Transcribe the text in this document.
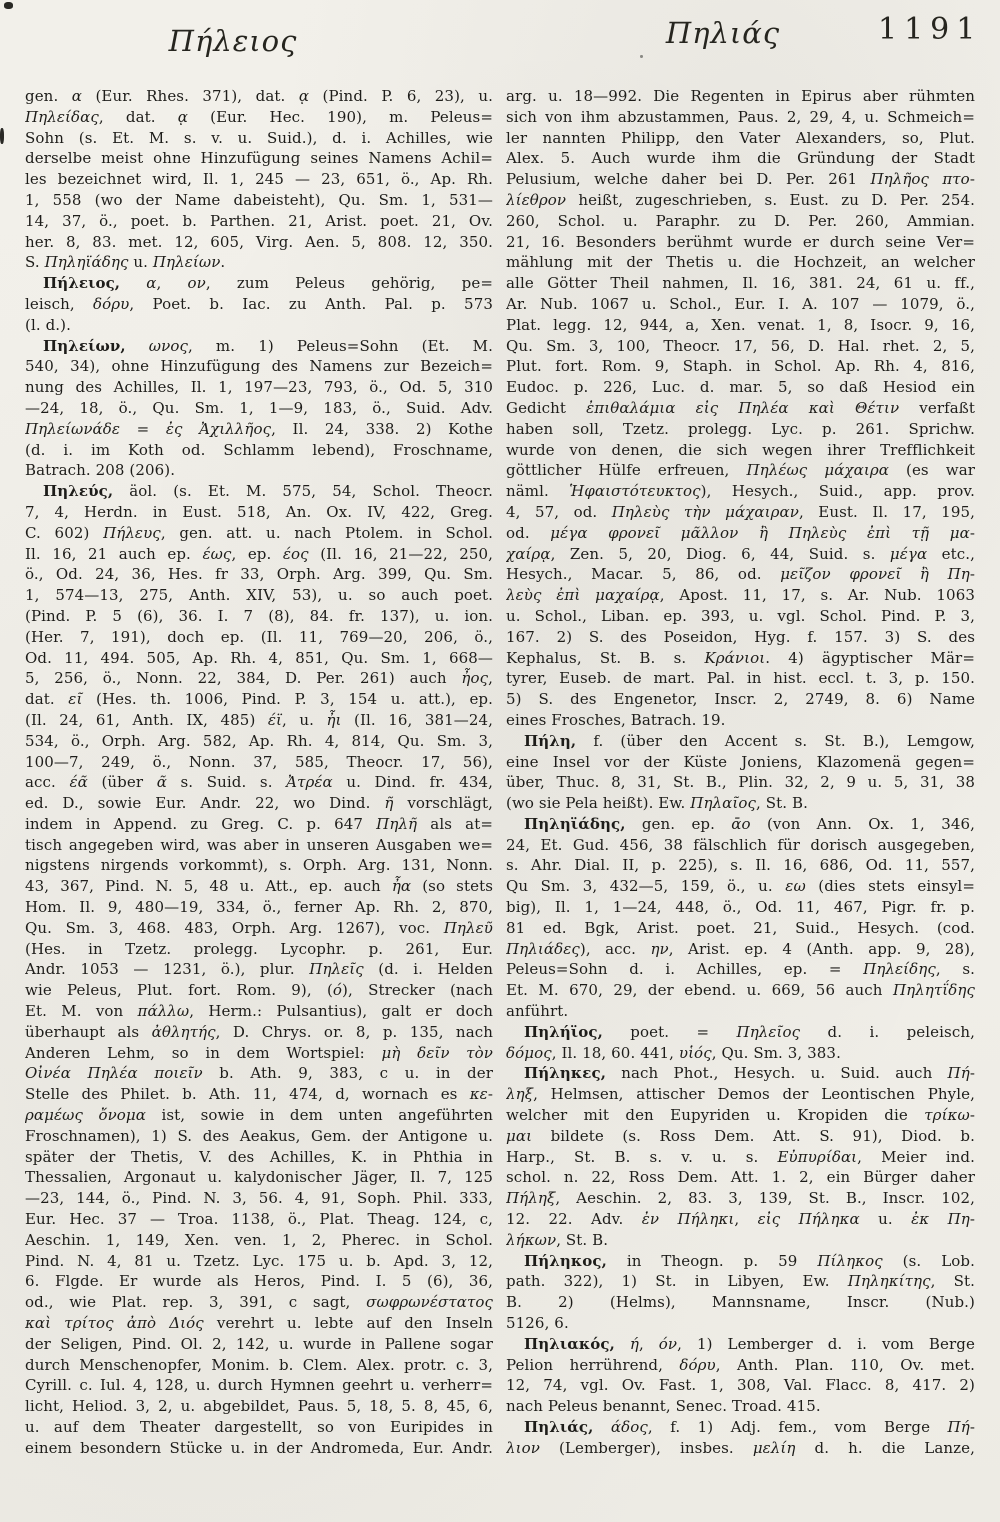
Πήλειος	Πηλιάς	1191
gen. α (Eur. Rhes. 371), dat. ᾳ (Pind. P. 6, 23), u.
Πηλείδας, dat. ᾳ (Eur. Hec. 190), m. Peleus=
Sohn (s. Et. M. s. v. u. Suid.), d. i. Achilles, wie
derselbe meist ohne Hinzufügung seines Namens Achil=
les bezeichnet wird, Il. 1, 245 — 23, 651, ö., Ap. Rh.
1, 558 (wo der Name dabeisteht), Qu. Sm. 1, 531—
14, 37, ö., poet. b. Parthen. 21, Arist. poet. 21, Ov.
her. 8, 83. met. 12, 605, Virg. Aen. 5, 808. 12, 350.
S. Πηληϊάδης u. Πηλείων.
Πήλειος, α, ον, zum Peleus gehörig, pe=
leisch, δόρυ, Poet. b. Iac. zu Anth. Pal. p. 573
(l. d.).
Πηλείων, ωνος, m. 1) Peleus=Sohn (Et. M.
540, 34), ohne Hinzufügung des Namens zur Bezeich=
nung des Achilles, Il. 1, 197—23, 793, ö., Od. 5, 310
—24, 18, ö., Qu. Sm. 1, 1—9, 183, ö., Suid. Adv.
Πηλείωνάδε = ἐς Ἀχιλλῆος, Il. 24, 338. 2) Kothe
(d. i. im Koth od. Schlamm lebend), Froschname,
Batrach. 208 (206).
Πηλεύς, äol. (s. Et. M. 575, 54, Schol. Theocr.
7, 4, Herdn. in Eust. 518, An. Ox. IV, 422, Greg.
C. 602) Πήλευς, gen. att. u. nach Ptolem. in Schol.
Il. 16, 21 auch ep. έως, ep. έος (Il. 16, 21—22, 250,
ö., Od. 24, 36, Hes. fr 33, Orph. Arg. 399, Qu. Sm.
1, 574—13, 275, Anth. XIV, 53), u. so auch poet.
(Pind. P. 5 (6), 36. I. 7 (8), 84. fr. 137), u. ion.
(Her. 7, 191), doch ep. (Il. 11, 769—20, 206, ö.,
Od. 11, 494. 505, Ap. Rh. 4, 851, Qu. Sm. 1, 668—
5, 256, ö., Nonn. 22, 384, D. Per. 261) auch ἦος,
dat. εῖ (Hes. th. 1006, Pind. P. 3, 154 u. att.), ep.
(Il. 24, 61, Anth. IX, 485) έϊ, u. ἦι (Il. 16, 381—24,
534, ö., Orph. Arg. 582, Ap. Rh. 4, 814, Qu. Sm. 3,
100—7, 249, ö., Nonn. 37, 585, Theocr. 17, 56),
acc. έᾶ (über ᾶ s. Suid. s. Ἀτρέα u. Dind. fr. 434,
ed. D., sowie Eur. Andr. 22, wo Dind. ῆ vorschlägt,
indem in Append. zu Greg. C. p. 647 Πηλῆ als at=
tisch angegeben wird, was aber in unseren Ausgaben we=
nigstens nirgends vorkommt), s. Orph. Arg. 131, Nonn.
43, 367, Pind. N. 5, 48 u. Att., ep. auch ἦα (so stets
Hom. Il. 9, 480—19, 334, ö., ferner Ap. Rh. 2, 870,
Qu. Sm. 3, 468. 483, Orph. Arg. 1267), voc. Πηλεῦ
(Hes. in Tzetz. prolegg. Lycophr. p. 261, Eur.
Andr. 1053 — 1231, ö.), plur. Πηλεῖς (d. i. Helden
wie Peleus, Plut. fort. Rom. 9), (ό), Strecker (nach
Et. M. von πάλλω, Herm.: Pulsantius), galt er doch
überhaupt als ἀθλητής, D. Chrys. or. 8, p. 135, nach
Anderen Lehm, so in dem Wortspiel: μὴ δεῖν τὸν
Οἰνέα Πηλέα ποιεῖν b. Ath. 9, 383, c u. in der
Stelle des Philet. b. Ath. 11, 474, d, wornach es κε-
ραμέως ὄνομα ist, sowie in dem unten angeführten
Froschnamen), 1) S. des Aeakus, Gem. der Antigone u.
später der Thetis, V. des Achilles, K. in Phthia in
Thessalien, Argonaut u. kalydonischer Jäger, Il. 7, 125
—23, 144, ö., Pind. N. 3, 56. 4, 91, Soph. Phil. 333,
Eur. Hec. 37 — Troa. 1138, ö., Plat. Theag. 124, c,
Aeschin. 1, 149, Xen. ven. 1, 2, Pherec. in Schol.
Pind. N. 4, 81 u. Tzetz. Lyc. 175 u. b. Apd. 3, 12,
6. Flgde. Er wurde als Heros, Pind. I. 5 (6), 36,
od., wie Plat. rep. 3, 391, c sagt, σωφρωνέστατος
καὶ τρίτος ἀπὸ Διός verehrt u. lebte auf den Inseln
der Seligen, Pind. Ol. 2, 142, u. wurde in Pallene sogar
durch Menschenopfer, Monim. b. Clem. Alex. protr. c. 3,
Cyrill. c. Iul. 4, 128, u. durch Hymnen geehrt u. verherr=
licht, Heliod. 3, 2, u. abgebildet, Paus. 5, 18, 5. 8, 45, 6,
u. auf dem Theater dargestellt, so von Euripides in
einem besondern Stücke u. in der Andromeda, Eur. Andr.
arg. u. 18—992. Die Regenten in Epirus aber rühmten
sich von ihm abzustammen, Paus. 2, 29, 4, u. Schmeich=
ler nannten Philipp, den Vater Alexanders, so, Plut.
Alex. 5. Auch wurde ihm die Gründung der Stadt
Pelusium, welche daher bei D. Per. 261 Πηλῆος πτο-
λίεθρον heißt, zugeschrieben, s. Eust. zu D. Per. 254.
260, Schol. u. Paraphr. zu D. Per. 260, Ammian.
21, 16. Besonders berühmt wurde er durch seine Ver=
mählung mit der Thetis u. die Hochzeit, an welcher
alle Götter Theil nahmen, Il. 16, 381. 24, 61 u. ff.,
Ar. Nub. 1067 u. Schol., Eur. I. A. 107 — 1079, ö.,
Plat. legg. 12, 944, a, Xen. venat. 1, 8, Isocr. 9, 16,
Qu. Sm. 3, 100, Theocr. 17, 56, D. Hal. rhet. 2, 5,
Plut. fort. Rom. 9, Staph. in Schol. Ap. Rh. 4, 816,
Eudoc. p. 226, Luc. d. mar. 5, so daß Hesiod ein
Gedicht ἐπιθαλάμια εἰς Πηλέα καὶ Θέτιν verfaßt
haben soll, Tzetz. prolegg. Lyc. p. 261. Sprichw.
wurde von denen, die sich wegen ihrer Trefflichkeit
göttlicher Hülfe erfreuen, Πηλέως μάχαιρα (es war
näml. Ἡφαιστότευκτος), Hesych., Suid., app. prov.
4, 57, od. Πηλεὺς τὴν μάχαιραν, Eust. Il. 17, 195,
od. μέγα φρονεῖ μᾶλλον ἢ Πηλεὺς ἐπὶ τῇ μα-
χαίρᾳ, Zen. 5, 20, Diog. 6, 44, Suid. s. μέγα etc.,
Hesych., Macar. 5, 86, od. μεῖζον φρονεῖ ἢ Πη-
λεὺς ἐπὶ μαχαίρᾳ, Apost. 11, 17, s. Ar. Nub. 1063
u. Schol., Liban. ep. 393, u. vgl. Schol. Pind. P. 3,
167. 2) S. des Poseidon, Hyg. f. 157. 3) S. des
Kephalus, St. B. s. Κράνιοι. 4) ägyptischer Mär=
tyrer, Euseb. de mart. Pal. in hist. eccl. t. 3, p. 150.
5) S. des Engenetor, Inscr. 2, 2749, 8. 6) Name
eines Frosches, Batrach. 19.
Πήλη, f. (über den Accent s. St. B.), Lemgow,
eine Insel vor der Küste Joniens, Klazomenä gegen=
über, Thuc. 8, 31, St. B., Plin. 32, 2, 9 u. 5, 31, 38
(wo sie Pela heißt). Ew. Πηλαῖος, St. B.
Πηληϊάδης, gen. ep. ᾱο (von Ann. Ox. 1, 346,
24, Et. Gud. 456, 38 fälschlich für dorisch ausgegeben,
s. Ahr. Dial. II, p. 225), s. Il. 16, 686, Od. 11, 557,
Qu Sm. 3, 432—5, 159, ö., u. εω (dies stets einsyl=
big), Il. 1, 1—24, 448, ö., Od. 11, 467, Pigr. fr. p.
81 ed. Bgk, Arist. poet. 21, Suid., Hesych. (cod.
Πηλιάδες), acc. ην, Arist. ep. 4 (Anth. app. 9, 28),
Peleus=Sohn d. i. Achilles, ep. = Πηλείδης, s.
Et. M. 670, 29, der ebend. u. 669, 56 auch Πηλητΐδης
anführt.
Πηλήϊος, poet. = Πηλεῖος d. i. peleisch,
δόμος, Il. 18, 60. 441, υἱός, Qu. Sm. 3, 383.
Πήληκες, nach Phot., Hesych. u. Suid. auch Πή-
ληξ, Helmsen, attischer Demos der Leontischen Phyle,
welcher mit den Eupyriden u. Kropiden die τρίκω-
μαι bildete (s. Ross Dem. Att. S. 91), Diod. b.
Harp., St. B. s. v. u. s. Εὐπυρίδαι, Meier ind.
schol. n. 22, Ross Dem. Att. 1. 2, ein Bürger daher
Πήληξ, Aeschin. 2, 83. 3, 139, St. B., Inscr. 102,
12. 22. Adv. ἐν Πήληκι, εἰς Πήληκα u. ἐκ Πη-
λήκων, St. B.
Πήληκος, in Theogn. p. 59 Πίληκος (s. Lob.
path. 322), 1) St. in Libyen, Ew. Πηληκίτης, St.
B. 2) (Helms), Mannsname, Inscr. (Nub.)
5126, 6.
Πηλιακός, ή, όν, 1) Lemberger d. i. vom Berge
Pelion herrührend, δόρυ, Anth. Plan. 110, Ov. met.
12, 74, vgl. Ov. Fast. 1, 308, Val. Flacc. 8, 417. 2)
nach Peleus benannt, Senec. Troad. 415.
Πηλιάς, άδος, f. 1) Adj. fem., vom Berge Πή-
λιον (Lemberger), insbes. μελίη d. h. die Lanze,
